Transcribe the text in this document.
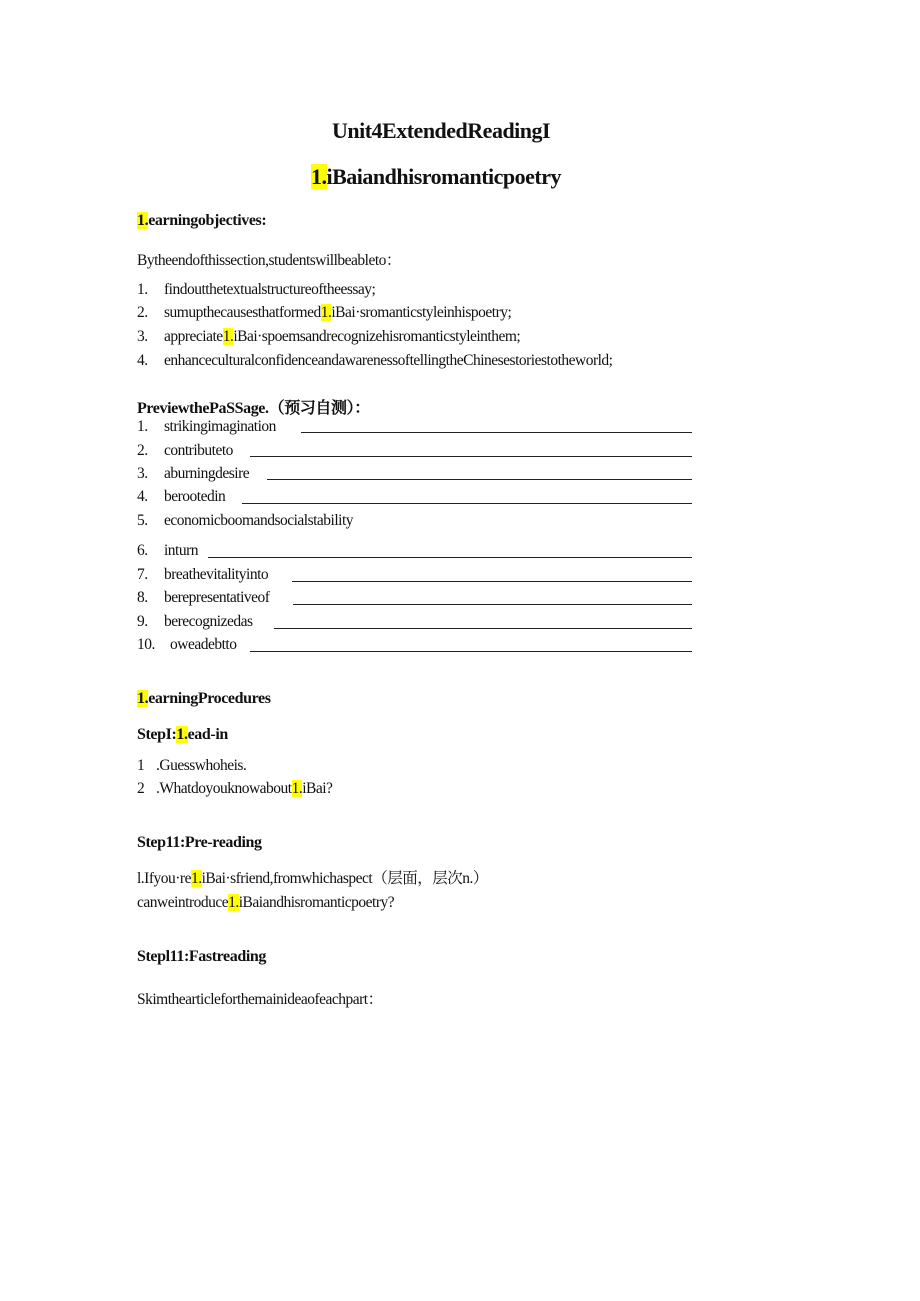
Unit4ExtendedReadingI
1.iBaiandhisromanticpoetry
1.earningobjectives:
Bytheendofthissection,studentswillbeableto：
1. findoutthetextualstructureoftheessay;
2. sumupthecausesthatformed1.iBai·sromanticstyleinhispoetry;
3. appreciate1.iBai·spoemsandrecognizehisromanticstyleinthem;
4. enhanceculturalconfidenceandawarenessoftellingtheChinesestoriestotheworld;
PreviewthePaSSage.（预习自测）：
1. strikingimagination
2. contributeto
3. aburningdesire
4. berootedin
5. economicboomandsocialstability
6. inturn
7. breathevitalityinto
8. berepresentativeof
9. berecognizedas
10. oweadebtto
1.earningProcedures
StepI:1.ead-in
1 .Guesswhoheis.
2 .Whatdoyouknowabout1.iBai?
Step11:Pre-reading
l.Ifyou·re1.iBai·sfriend,fromwhichaspect（层面，层次n.）
canweintroduce1.iBaiandhisromanticpoetry?
Stepl11:Fastreading
Skimthearticleforthemainideaofeachpart：
